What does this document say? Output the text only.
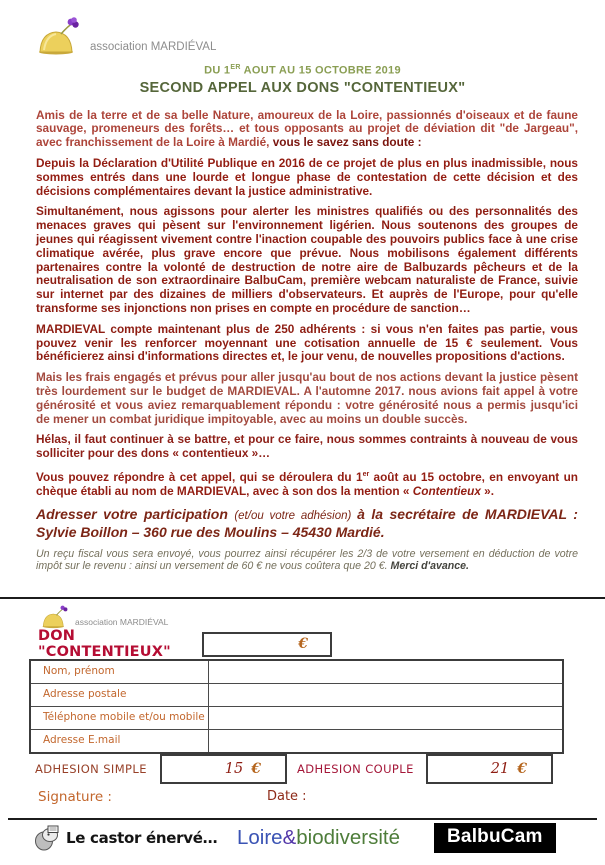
association MARDIÉVAL
DU 1ER AOUT AU 15 OCTOBRE 2019
SECOND APPEL AUX DONS "CONTENTIEUX"

Amis de la terre et de sa belle Nature, amoureux de la Loire, passionnés d'oiseaux et de faune sauvage, promeneurs des forêts… et tous opposants au projet de déviation dit "de Jargeau", avec franchissement de la Loire à Mardié, vous le savez sans doute :

Depuis la Déclaration d'Utilité Publique en 2016 de ce projet de plus en plus inadmissible, nous sommes entrés dans une lourde et longue phase de contestation de cette décision et des décisions complémentaires devant la justice administrative.

Simultanément, nous agissons pour alerter les ministres qualifiés ou des personnalités des menaces graves qui pèsent sur l'environnement ligérien. Nous soutenons des groupes de jeunes qui réagissent vivement contre l'inaction coupable des pouvoirs publics face à une crise climatique avérée, plus grave encore que prévue. Nous mobilisons également différents partenaires contre la volonté de destruction de notre aire de Balbuzards pêcheurs et de la neutralisation de son extraordinaire BalbuCam, première webcam naturaliste de France, suivie sur internet par des dizaines de milliers d'observateurs. Et auprès de l'Europe, pour qu'elle transforme ses injonctions non prises en compte en procédure de sanction…

MARDIEVAL compte maintenant plus de 250 adhérents : si vous n'en faites pas partie, vous pouvez venir les renforcer moyennant une cotisation annuelle de 15 € seulement. Vous bénéficierez ainsi d'informations directes et, le jour venu, de nouvelles propositions d'actions.

Mais les frais engagés et prévus pour aller jusqu'au bout de nos actions devant la justice pèsent très lourdement sur le budget de MARDIEVAL. A l'automne 2017. nous avions fait appel à votre générosité et vous aviez remarquablement répondu : votre générosité nous a permis jusqu'ici de mener un combat juridique impitoyable, avec au moins un double succès.

Hélas, il faut continuer à se battre, et pour ce faire, nous sommes contraints à nouveau de vous solliciter pour des dons « contentieux »…

Vous pouvez répondre à cet appel, qui se déroulera du 1er août au 15 octobre, en envoyant un chèque établi au nom de MARDIEVAL, avec à son dos la mention « Contentieux ».

Adresser votre participation (et/ou votre adhésion) à la secrétaire de MARDIEVAL : Sylvie Boillon – 360 rue des Moulins – 45430 Mardié.

Un reçu fiscal vous sera envoyé, vous pourrez ainsi récupérer les 2/3 de votre versement en déduction de votre impôt sur le revenu : ainsi un versement de 60 € ne vous coûtera que 20 €. Merci d'avance.

association MARDIÉVAL
DON "CONTENTIEUX"	€
Nom, prénom
Adresse postale
Téléphone mobile et/ou mobile
Adresse E.mail
ADHESION SIMPLE	15 €	ADHESION COUPLE	21 €
Signature :	Date :
Le castor énervé… Loire&biodiversité	BalbuCam
